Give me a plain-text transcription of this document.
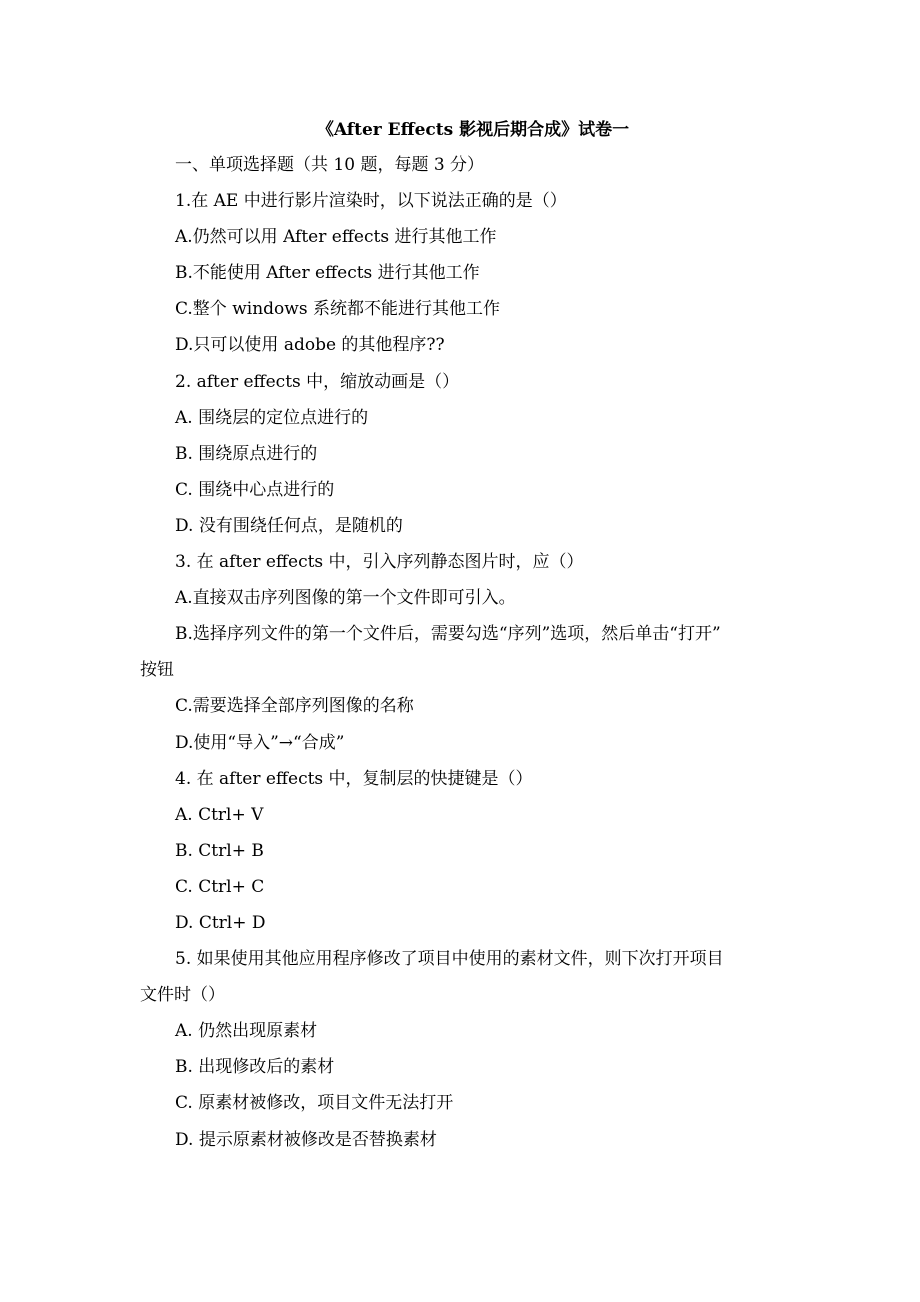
《After Effects 影视后期合成》试卷一
一、单项选择题（共 10 题，每题 3 分）
1.在 AE 中进行影片渲染时，以下说法正确的是（）
A.仍然可以用 After effects 进行其他工作
B.不能使用 After effects 进行其他工作
C.整个 windows 系统都不能进行其他工作
D.只可以使用 adobe 的其他程序??
2. after effects 中，缩放动画是（）
A. 围绕层的定位点进行的
B. 围绕原点进行的
C. 围绕中心点进行的
D. 没有围绕任何点，是随机的
3. 在 after effects 中，引入序列静态图片时，应（）
A.直接双击序列图像的第一个文件即可引入。
B.选择序列文件的第一个文件后，需要勾选“序列”选项，然后单击“打开”
按钮
C.需要选择全部序列图像的名称
D.使用“导入”→“合成”
4. 在 after effects 中，复制层的快捷键是（）
A. Ctrl+ V
B. Ctrl+ B
C. Ctrl+ C
D. Ctrl+ D
5. 如果使用其他应用程序修改了项目中使用的素材文件，则下次打开项目
文件时（）
A. 仍然出现原素材
B. 出现修改后的素材
C. 原素材被修改，项目文件无法打开
D. 提示原素材被修改是否替换素材
